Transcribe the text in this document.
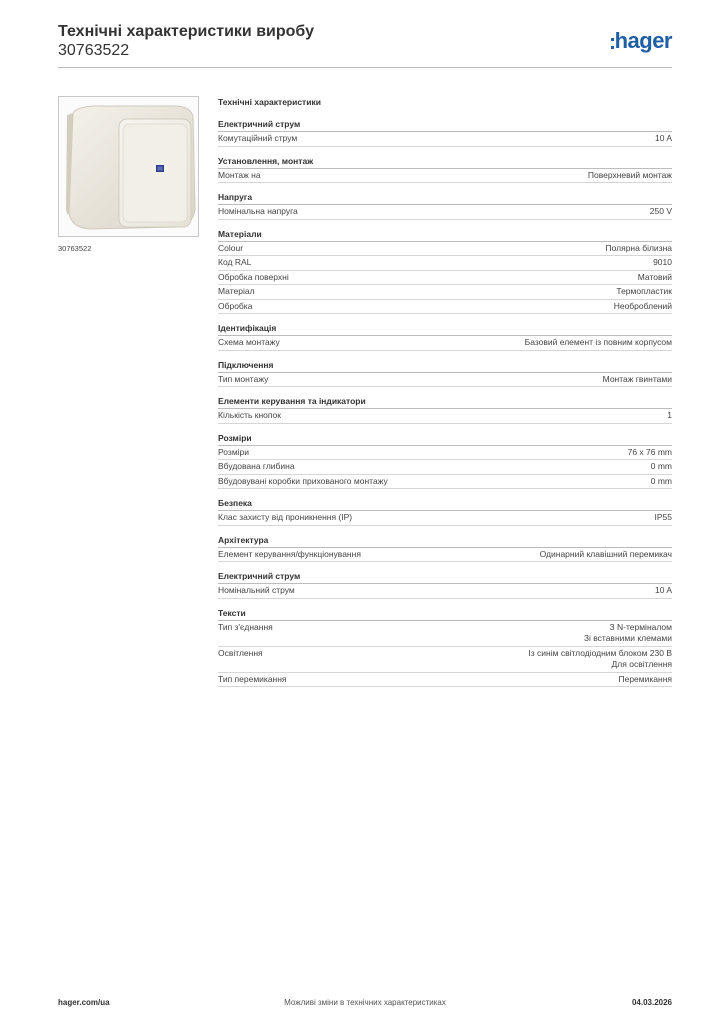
Технічні характеристики виробу
30763522	hager
30763522
Технічні характеристики
Електричний струм
Комутаційний струм	10 A
Установлення, монтаж
Монтаж на	Поверхневий монтаж
Напруга
Номінальна напруга	250 V
Матеріали
Colour	Полярна білизна
Код RAL	9010
Обробка поверхні	Матовий
Матеріал	Термопластик
Обробка	Необроблений
Ідентифікація
Схема монтажу	Базовий елемент із повним корпусом
Підключення
Тип монтажу	Монтаж гвинтами
Елементи керування та індикатори
Кількість кнопок	1
Розміри
Розміри	76 x 76 mm
Вбудована глибина	0 mm
Вбудовувані коробки прихованого монтажу	0 mm
Безпека
Клас захисту від проникнення (IP)	IP55
Архітектура
Елемент керування/функціонування	Одинарний клавішний перемикач
Електричний струм
Номінальний струм	10 A
Тексти
Тип з'єднання	З N-терміналом
Зі вставними клемами
Освітлення	Із синім світлодіодним блоком 230 В
Для освітлення
Тип перемикання	Перемикання
hager.com/ua	Можливі зміни в технічних характеристиках	04.03.2026
